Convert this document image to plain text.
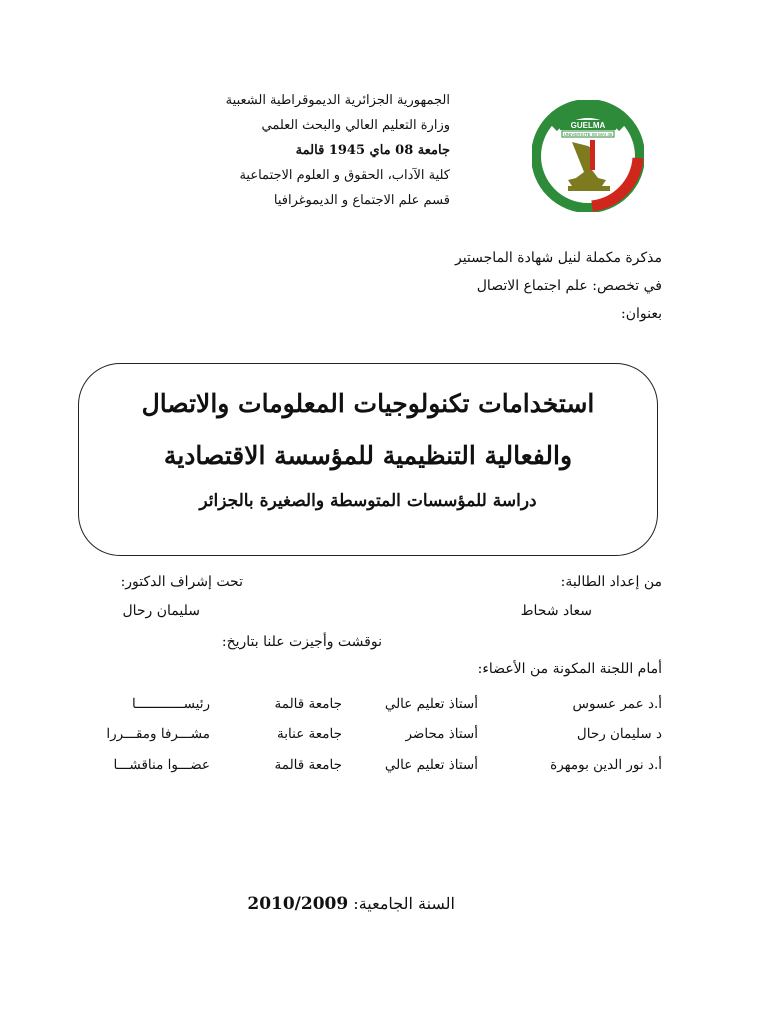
الجمهورية الجزائرية الديموقراطية الشعبية
وزارة التعليم العالي والبحث العلمي
جامعة 08 ماي 1945 قالمة
كلية الآداب، الحقوق و العلوم الاجتماعية
قسم علم الاجتماع و الديموغرافيا
GUELMA
UNIVERSITE 08 MAI 45
مذكرة مكملة لنيل شهادة الماجستير
في تخصص: علم اجتماع الاتصال
بعنوان:
استخدامات تكنولوجيات المعلومات والاتصال
والفعالية التنظيمية للمؤسسة الاقتصادية
دراسة للمؤسسات المتوسطة والصغيرة بالجزائر
من إعداد الطالبة:
سعاد شحاط
تحت إشراف الدكتور:
سليمان رحال
نوقشت وأجيزت علنا بتاريخ:
أمام اللجنة المكونة من الأعضاء:
أ.د عمر عسوس
أستاذ تعليم عالي
جامعة قالمة
رئيســــــــــــا
د سليمان رحال
أستاذ محاضر
جامعة عنابة
مشـــرفا ومقـــررا
أ.د نور الدين بومهرة
أستاذ تعليم عالي
جامعة قالمة
عضـــوا مناقشـــا
السنة الجامعية: 2010/2009
